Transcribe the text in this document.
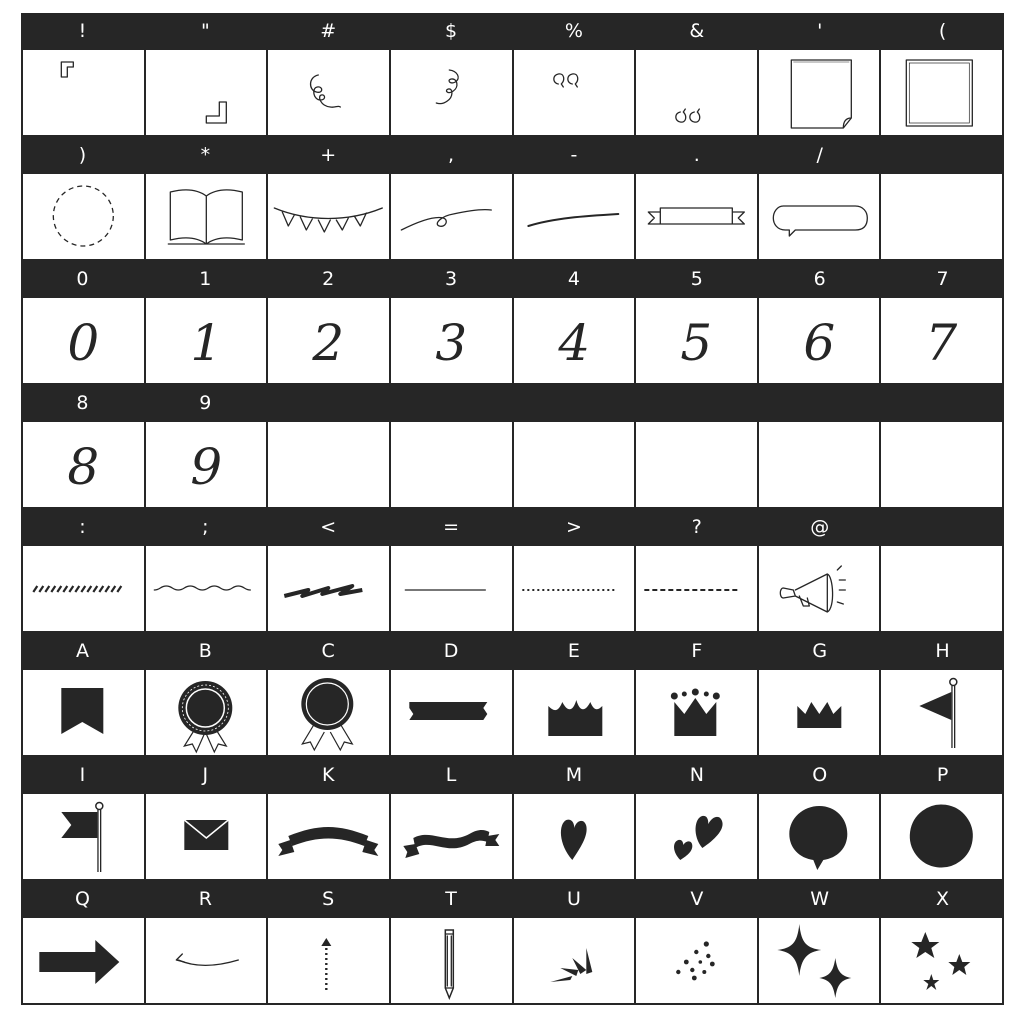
!	"	#	$	%	&	'	(
)	*	+	,	-	.	/
0	1	2	3	4	5	6	7
0 1 2 3 4 5 6 7
8	9
8 9
:	;	<	=	>	?	@
A	B	C	D	E	F	G	H
I	J	K	L	M	N	O	P
Q	R	S	T	U	V	W	X
